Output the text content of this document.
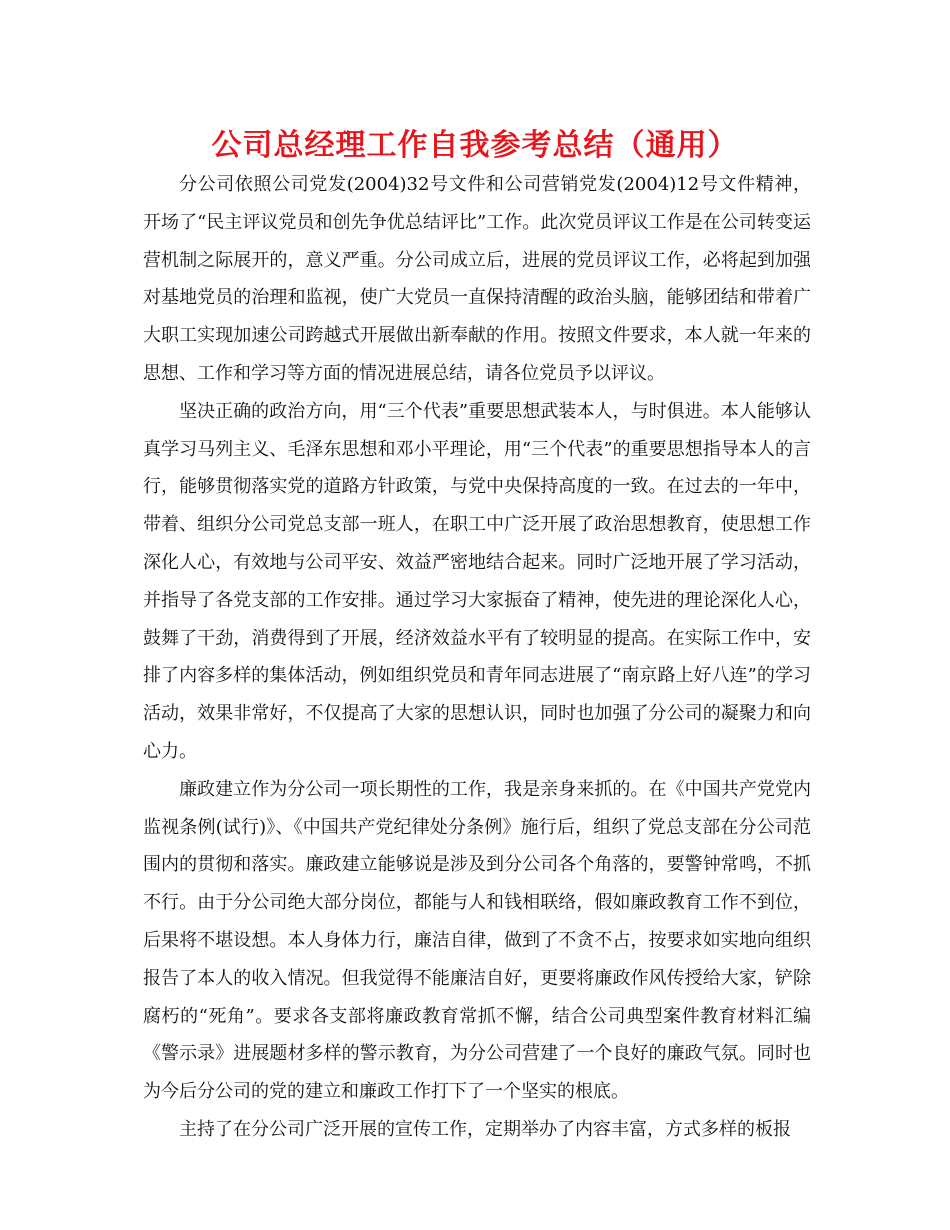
公司总经理工作自我参考总结（通用）

分公司依照公司党发(2004)32号文件和公司营销党发(2004)12号文件精神，开场了“民主评议党员和创先争优总结评比”工作。此次党员评议工作是在公司转变运营机制之际展开的，意义严重。分公司成立后，进展的党员评议工作，必将起到加强对基地党员的治理和监视，使广大党员一直保持清醒的政治头脑，能够团结和带着广大职工实现加速公司跨越式开展做出新奉献的作用。按照文件要求，本人就一年来的思想、工作和学习等方面的情况进展总结，请各位党员予以评议。

坚决正确的政治方向，用“三个代表”重要思想武装本人，与时俱进。本人能够认真学习马列主义、毛泽东思想和邓小平理论，用“三个代表”的重要思想指导本人的言行，能够贯彻落实党的道路方针政策，与党中央保持高度的一致。在过去的一年中，带着、组织分公司党总支部一班人，在职工中广泛开展了政治思想教育，使思想工作深化人心，有效地与公司平安、效益严密地结合起来。同时广泛地开展了学习活动，并指导了各党支部的工作安排。通过学习大家振奋了精神，使先进的理论深化人心，鼓舞了干劲，消费得到了开展，经济效益水平有了较明显的提高。在实际工作中，安排了内容多样的集体活动，例如组织党员和青年同志进展了“南京路上好八连”的学习活动，效果非常好，不仅提高了大家的思想认识，同时也加强了分公司的凝聚力和向心力。

廉政建立作为分公司一项长期性的工作，我是亲身来抓的。在《中国共产党党内监视条例(试行)》、《中国共产党纪律处分条例》施行后，组织了党总支部在分公司范围内的贯彻和落实。廉政建立能够说是涉及到分公司各个角落的，要警钟常鸣，不抓不行。由于分公司绝大部分岗位，都能与人和钱相联络，假如廉政教育工作不到位，后果将不堪设想。本人身体力行，廉洁自律，做到了不贪不占，按要求如实地向组织报告了本人的收入情况。但我觉得不能廉洁自好，更要将廉政作风传授给大家，铲除腐朽的“死角”。要求各支部将廉政教育常抓不懈，结合公司典型案件教育材料汇编《警示录》进展题材多样的警示教育，为分公司营建了一个良好的廉政气氛。同时也为今后分公司的党的建立和廉政工作打下了一个坚实的根底。

主持了在分公司广泛开展的宣传工作，定期举办了内容丰富，方式多样的板报
